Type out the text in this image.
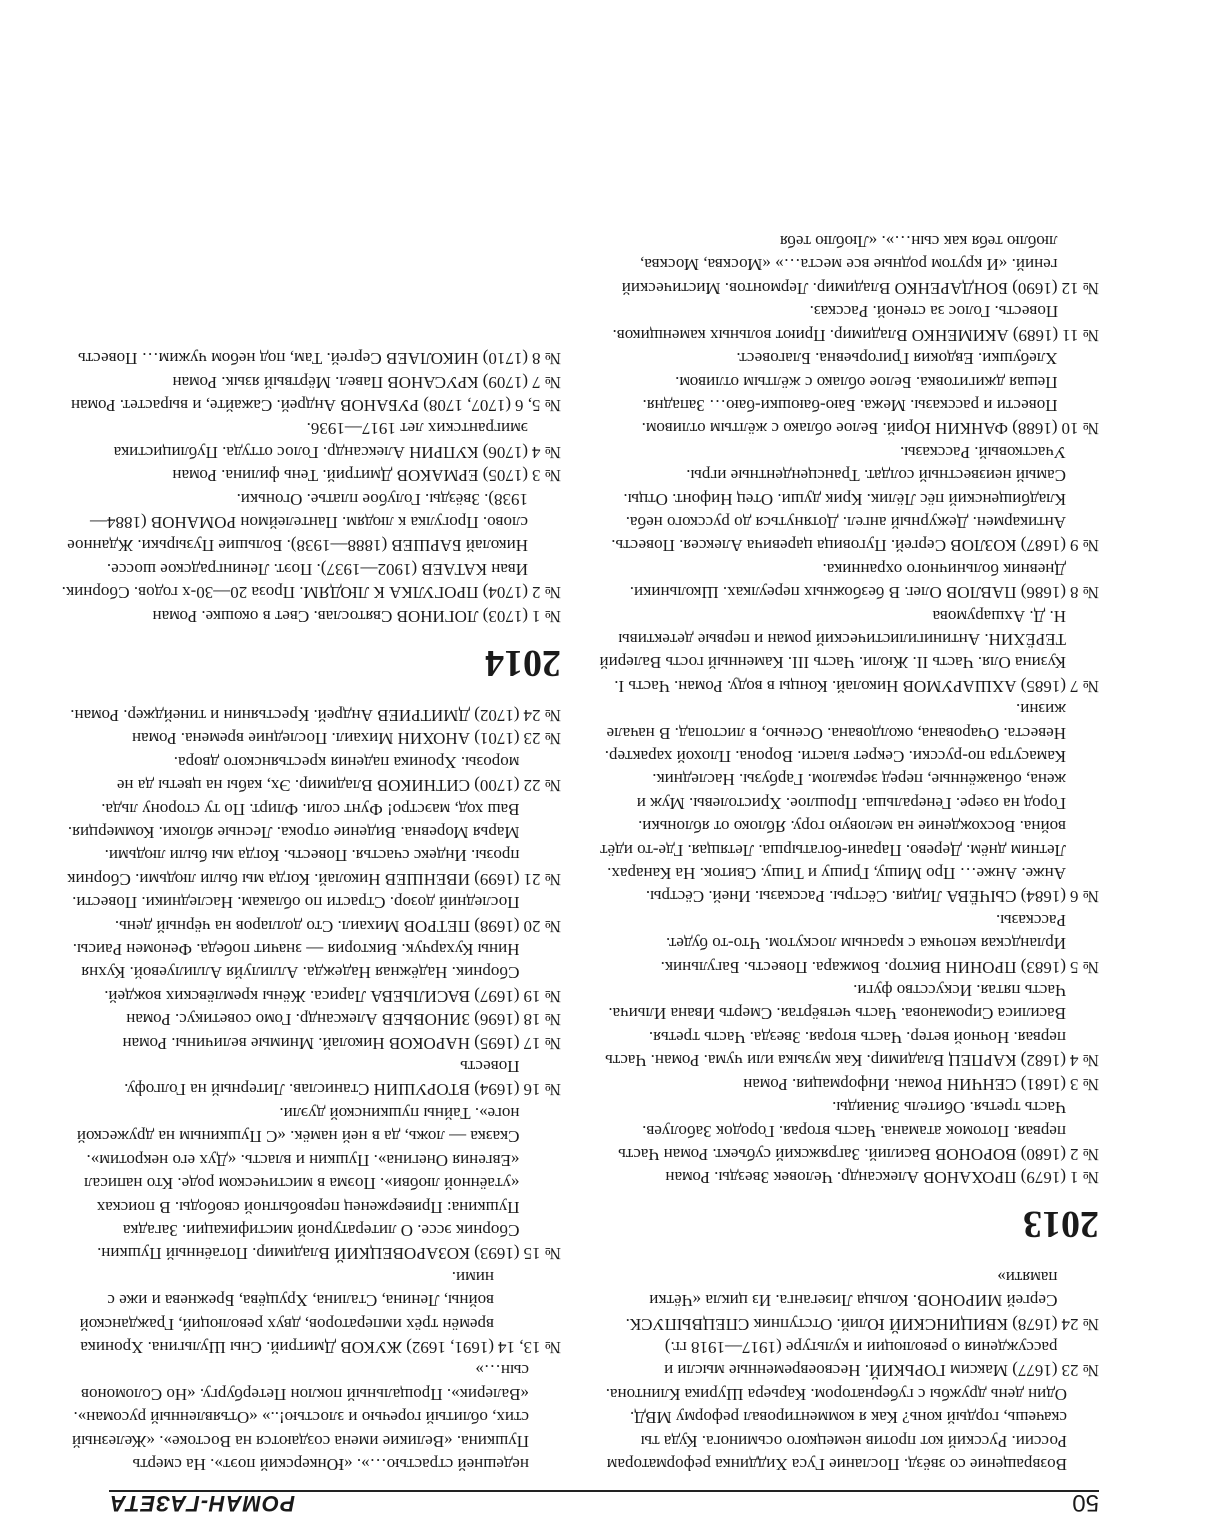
50
РОМАН-ГАЗЕТА
Возвращение со звёзд. Послание Гуса Хиддинка реформаторам России. Русский кот против немецкого осьминога. Куда ты скачешь, гордый конь? Как я комментировал реформу МВД. Один день дружбы с губернатором. Карьера Шурика Клинтона.
№ 23
(1677) Максим ГОРЬКИЙ. Несвоевременные мысли и рассуждения о революции и культуре (1917—1918 гг.)
№ 24
(1678) КВИЦИНСКИЙ Юлий. Отступник СПЕЦВЫПУСК. Сергей МИРОНОВ. Кольца Лизеганга. Из цикла «Чётки памяти»
2013
№ 1
(1679) ПРОХАНОВ Александр. Человек Звезды. Роман
№ 2
(1680) ВОРОНОВ Василий. Загряжский субъект. Роман Часть первая. Потомок атамана. Часть вторая. Городок Заболуев. Часть третья. Обитель Зинаиды.
№ 3
(1681) СЕНЧИН Роман. Информация. Роман
№ 4
(1682) КАРПЕЦ Владимир. Как музыка или чума. Роман. Часть первая. Ночной ветер. Часть вторая. Звезда. Часть третья. Василиса Сироманова. Часть четвёртая. Смерть Ивана Ильича. Часть пятая. Искусство фуги.
№ 5
(1683) ПРОНИН Виктор. Бомжара. Повесть. Багульник. Ирландская кепочка с красным лоскутом. Что-то будет. Рассказы.
№ 6
(1684) СЫЧЁВА Лидия. Сёстры. Рассказы. Иней. Сёстры. Анже. Анже… Про Мишу, Гришу и Тишу. Свиток. На Канарах. Летним днём. Дерево. Парани-богатырша. Летящая. Где-то идёт война. Восхождение на меловую гору. Яблоко от яблоньки. Город на озере. Генеральша. Прошлое. Христолевы. Муж и жена, обнажённые, перед зеркалом. Гарбузы. Наследник. Камасутра по-русски. Секрет власти. Ворона. Плохой характер. Невеста. Очарована, околдована. Осенью, в листопад. В начале жизни.
№ 7
(1685) АХШАРУМОВ Николай. Концы в воду. Роман. Часть I. Кузина Оля. Часть II. Жюли. Часть III. Каменный гость Валерий ТЕРЁХИН. Антинигилистический роман и первые детективы Н. Д. Ахшарумова
№ 8
(1686) ПАВЛОВ Олег. В безбожных переулках. Школьники. Дневник больничного охранника.
№ 9
(1687) КОЗЛОВ Сергей. Пуговица царевича Алексея. Повесть. Антикармен. Дежурный ангел. Дотянуться до русского неба. Кладбищенский пёс Лёлик. Крик души. Отец Нифонт. Отцы. Самый неизвестный солдат. Трансцендентные игры. Участковый. Рассказы.
№ 10
(1688) ФАНКИН Юрий. Белое облако с жёлтым отливом. Повести и рассказы. Межа. Баю-баюшки-баю… Западня. Пешая джигитовка. Белое облако с жёлтым отливом. Хлебушки. Евдокия Григорьевна. Благовест.
№ 11
(1689) АКИМЕНКО Владимир. Приют вольных каменщиков. Повесть. Голос за стеной. Рассказ.
№ 12
(1690) БОНДАРЕНКО Владимир. Лермонтов. Мистический гений. «И крутом родные все места…» «Москва, Москва, люблю тебя как сын…». «Люблю тебя
недешней страстью…». «Юнкерский поэт». На смерть Пушкина. «Великие имена создаются на Востоке». «Железный стих, облитый горечью и злостью!..» «Отъявленный русоман». «Валерик». Прощальный поклон Петербургу. «Но Соломонов сын…»
№ 13, 14
(1691, 1692) ЖУКОВ Дмитрий. Сны Шульгина. Хроника времён трёх императоров, двух революций, Гражданской войны, Ленина, Сталина, Хрущёва, Брежнева и иже с ними.
№ 15
(1693) КОЗАРОВЕЦКИЙ Владимир. Потаённый Пушкин. Сборник эссе. О литературной мистификации. Загадка Пушкина: Приверженец первобытной свободы. В поисках «утаённой любви». Поэма в мистическом роде. Кто написал «Евгения Онегина». Пушкин и власть. «Дух его некротим». Сказка — ложь, да в ней намёк. «С Пушкиным на дружеской ноге». Тайны пушкинской дуэли.
№ 16
(1694) ВТОРУШИН Станислав. Литерный на Голгофу. Повесть
№ 17
(1695) НАРОКОВ Николай. Мнимые величины. Роман
№ 18
(1696) ЗИНОВЬЕВ Александр. Гомо советикус. Роман
№ 19
(1697) ВАСИЛЬЕВА Лариса. Жёны кремлёвских вождей. Сборник. Надёжная Надежда. Аллилуйя Аллилуевой. Кухня Нины Кухарчук. Виктория — значит победа. Феномен Раисы.
№ 20
(1698) ПЕТРОВ Михаил. Сто долларов на чёрный день. Последний дозор. Страсти по облакам. Наследники. Повести.
№ 21
(1699) ИВЕНШЕВ Николай. Когда мы были людьми. Сборник прозы. Индекс счастья. Повесть. Когда мы были людьми. Марья Моревна. Видение отрока. Лесные яблоки. Коммерция. Ваш ход, маэстро! Фунт соли. Флирт. По ту сторону льда.
№ 22
(1700) СИТНИКОВ Владимир. Эх, кабы на цветы да не морозы. Хроника падения крестьянского двора.
№ 23
(1701) АНОХИН Михаил. Последние времена. Роман
№ 24
(1702) ДМИТРИЕВ Андрей. Крестьянин и тинейджер. Роман.
2014
№ 1
(1703) ЛОГИНОВ Святослав. Свет в окошке. Роман
№ 2
(1704) ПРОГУЛКА К ЛЮДЯМ. Проза 20—30-х годов. Сборник. Иван КАТАЕВ (1902—1937). Поэт. Ленинградское шоссе. Николай БАРШЕВ (1888—1938). Большие Пузырьки. Жданное слово. Прогулка к людям. Пантелеймон РОМАНОВ (1884—1938). Звёзды. Голубое платье. Огоньки.
№ 3
(1705) ЕРМАКОВ Дмитрий. Тень филина. Роман
№ 4
(1706) КУПРИН Александр. Голос оттуда. Публицистика эмигрантских лет 1917—1936.
№ 5, 6
(1707, 1708) РУБАНОВ Андрей. Сажайте, и вырастет. Роман
№ 7
(1709) КРУСАНОВ Павел. Мёртвый язык. Роман
№ 8
(1710) НИКОЛАЕВ Сергей. Там, под небом чужим… Повесть
